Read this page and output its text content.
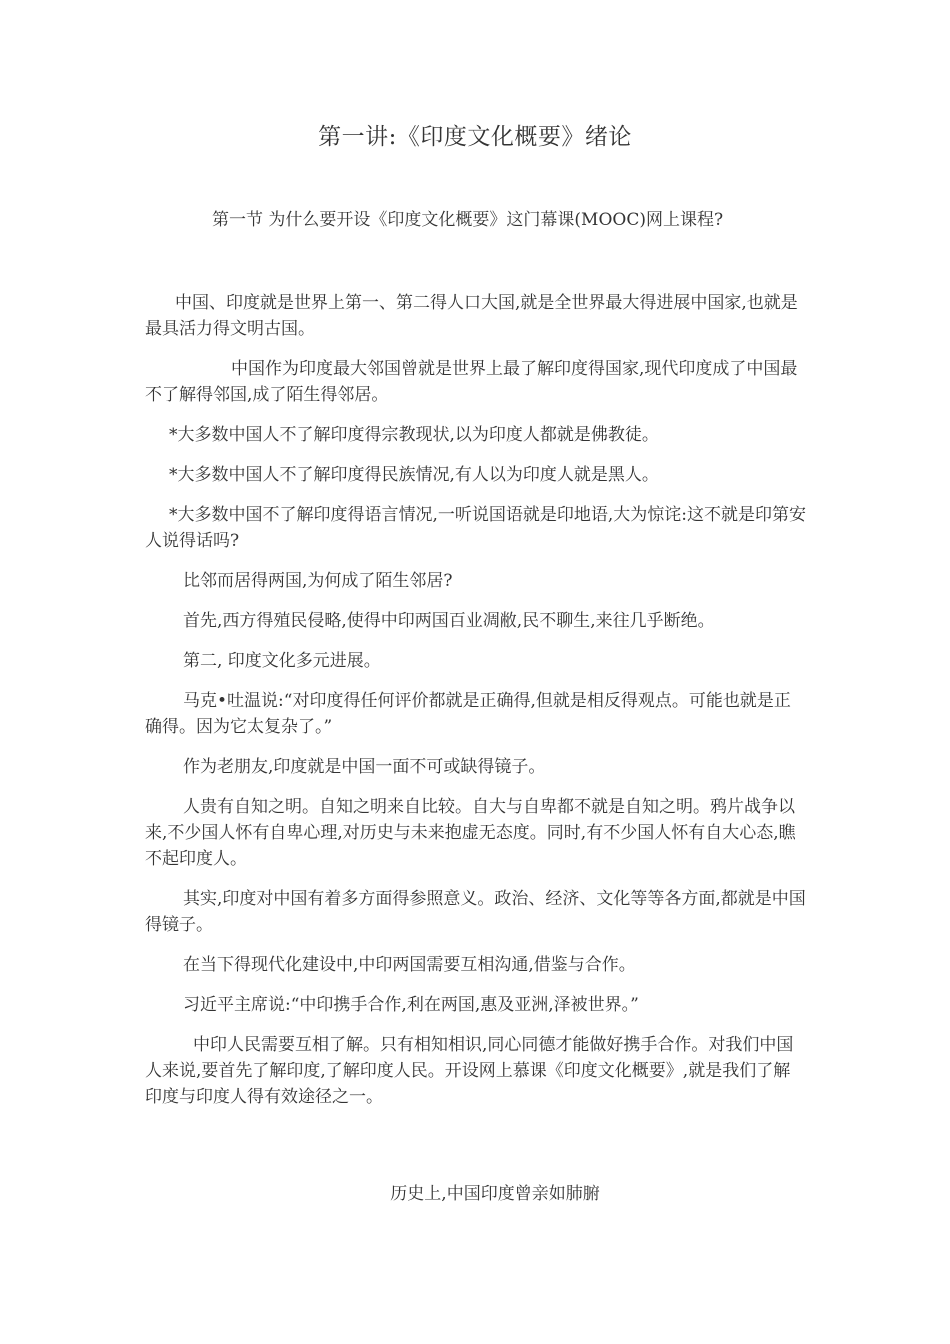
第一讲:《印度文化概要》绪论
第一节 为什么要开设《印度文化概要》这门幕课(MOOC)网上课程?

中国、印度就是世界上第一、第二得人口大国,就是全世界最大得进展中国家,也就是最具活力得文明古国。

中国作为印度最大邻国曾就是世界上最了解印度得国家,现代印度成了中国最不了解得邻国,成了陌生得邻居。

*大多数中国人不了解印度得宗教现状,以为印度人都就是佛教徒。

*大多数中国人不了解印度得民族情况,有人以为印度人就是黑人。

*大多数中国不了解印度得语言情况,一听说国语就是印地语,大为惊诧:这不就是印第安人说得话吗?

比邻而居得两国,为何成了陌生邻居?

首先,西方得殖民侵略,使得中印两国百业凋敝,民不聊生,来往几乎断绝。

第二, 印度文化多元进展。

马克•吐温说:“对印度得任何评价都就是正确得,但就是相反得观点。可能也就是正确得。因为它太复杂了。”

作为老朋友,印度就是中国一面不可或缺得镜子。

人贵有自知之明。自知之明来自比较。自大与自卑都不就是自知之明。鸦片战争以来,不少国人怀有自卑心理,对历史与未来抱虚无态度。同时,有不少国人怀有自大心态,瞧不起印度人。

其实,印度对中国有着多方面得参照意义。政治、经济、文化等等各方面,都就是中国得镜子。

在当下得现代化建设中,中印两国需要互相沟通,借鉴与合作。

习近平主席说:“中印携手合作,利在两国,惠及亚洲,泽被世界。”

中印人民需要互相了解。只有相知相识,同心同德才能做好携手合作。对我们中国人来说,要首先了解印度,了解印度人民。开设网上慕课《印度文化概要》,就是我们了解印度与印度人得有效途径之一。

历史上,中国印度曾亲如肺腑
